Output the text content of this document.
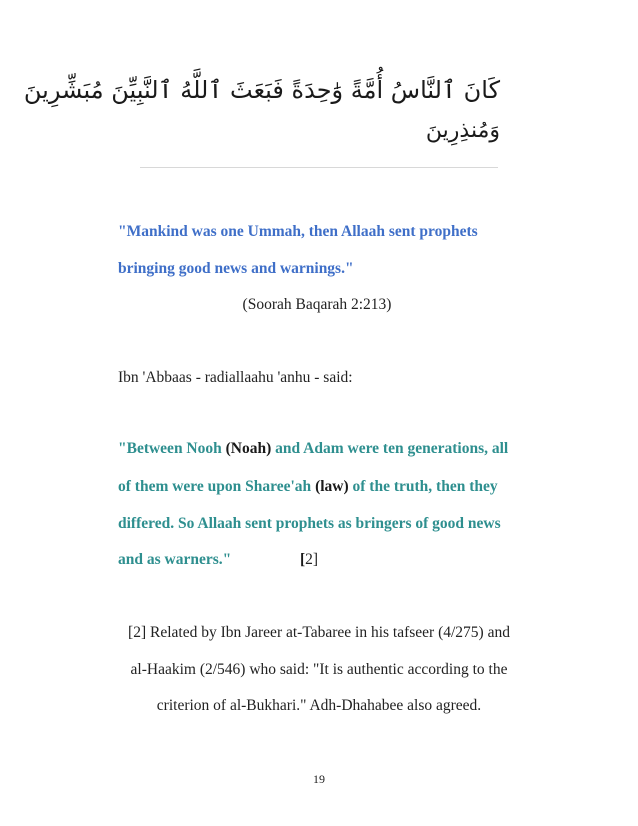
كَانَ ٱلنَّاسُ أُمَّةً وَٰحِدَةً فَبَعَثَ ٱللَّهُ ٱلنَّبِيِّنَ مُبَشِّرِينَ
وَمُنذِرِينَ
"Mankind was one Ummah, then Allaah sent prophets
bringing good news and warnings."
(Soorah Baqarah 2:213)
Ibn 'Abbaas - radiallaahu 'anhu - said:
"Between Nooh (Noah) and Adam were ten generations, all
of them were upon Sharee'ah (law) of the truth, then they
differed. So Allaah sent prophets as bringers of good news
and as warners."	[2]
[2] Related by Ibn Jareer at-Tabaree in his tafseer (4/275) and
al-Haakim (2/546) who said: "It is authentic according to the
criterion of al-Bukhari." Adh-Dhahabee also agreed.
19
